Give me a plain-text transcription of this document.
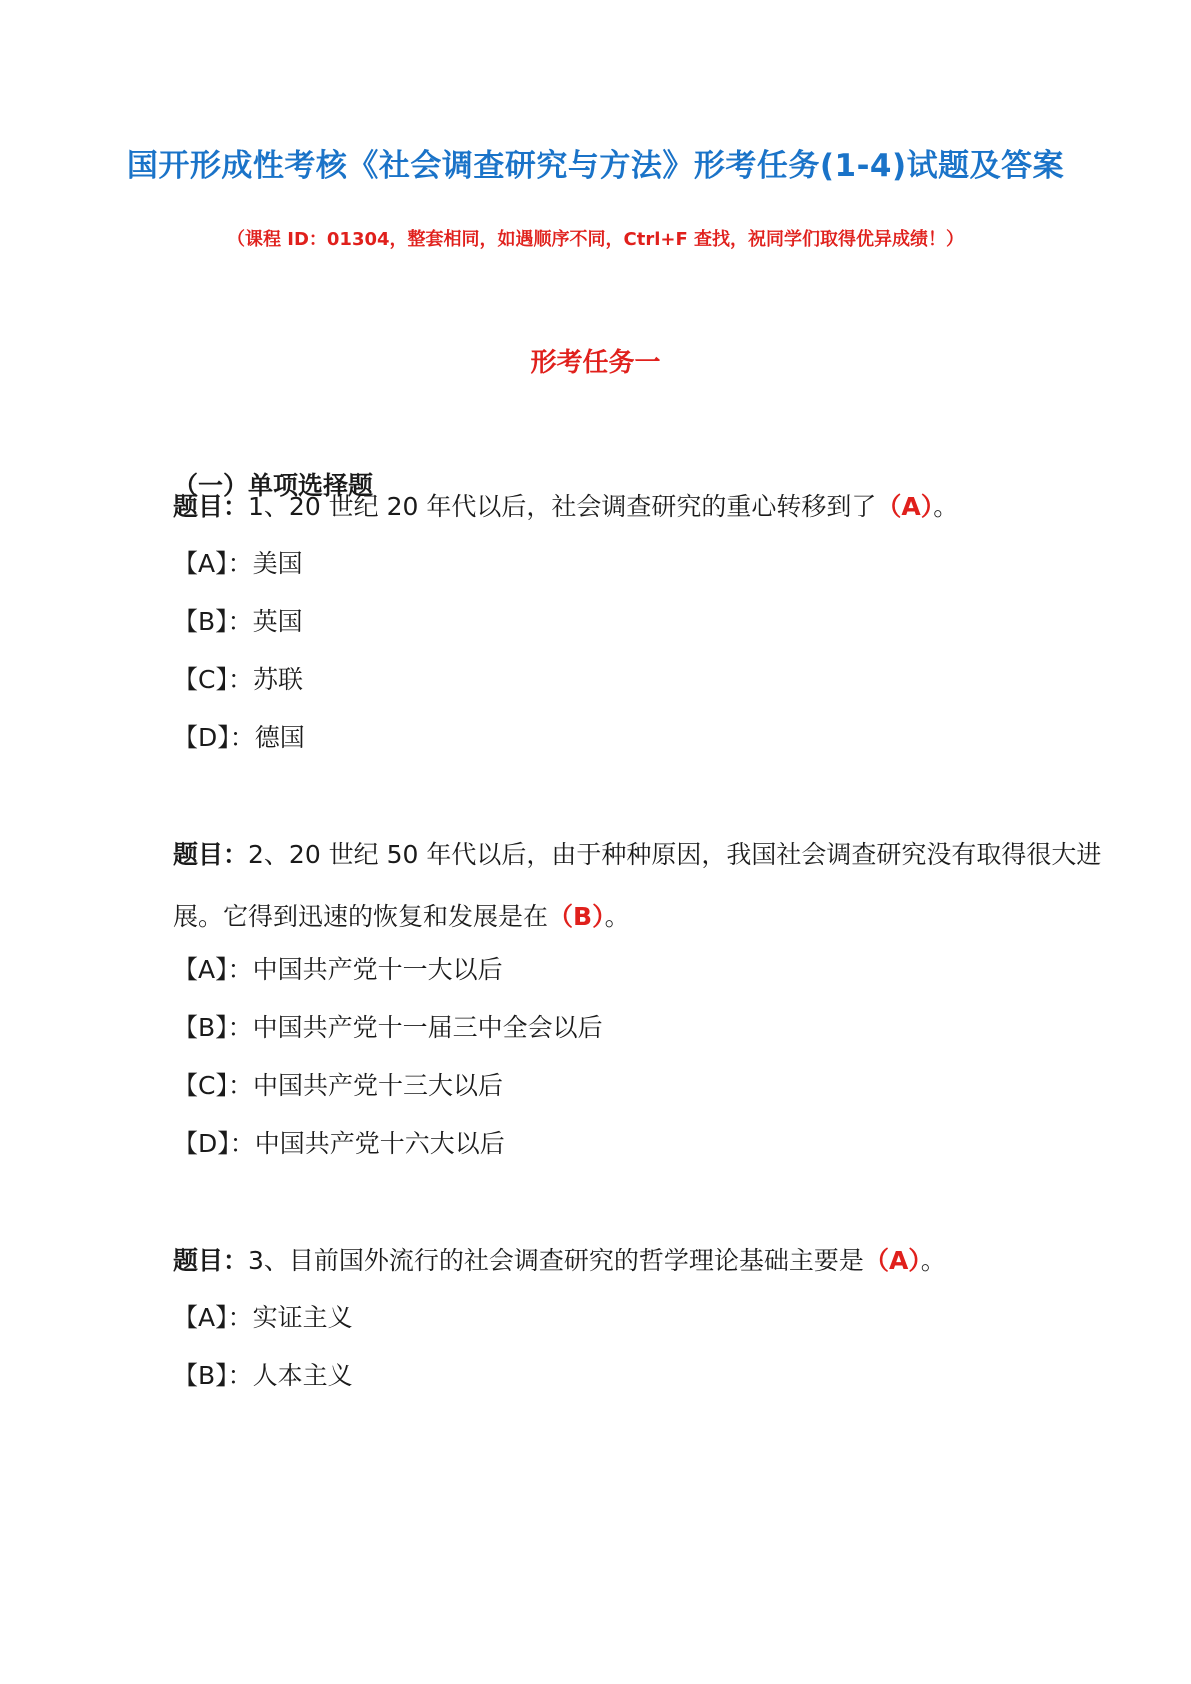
国开形成性考核《社会调查研究与方法》形考任务(1-4)试题及答案
（课程 ID：01304，整套相同，如遇顺序不同，Ctrl+F 查找，祝同学们取得优异成绩！）
形考任务一
（一）单项选择题
题目：1、20 世纪 20 年代以后，社会调查研究的重心转移到了（A）。
【A】：美国
【B】：英国
【C】：苏联
【D】：德国
题目：2、20 世纪 50 年代以后，由于种种原因，我国社会调查研究没有取得很大进展。它得到迅速的恢复和发展是在（B）。
【A】：中国共产党十一大以后
【B】：中国共产党十一届三中全会以后
【C】：中国共产党十三大以后
【D】：中国共产党十六大以后
题目：3、目前国外流行的社会调查研究的哲学理论基础主要是（A）。
【A】：实证主义
【B】：人本主义
